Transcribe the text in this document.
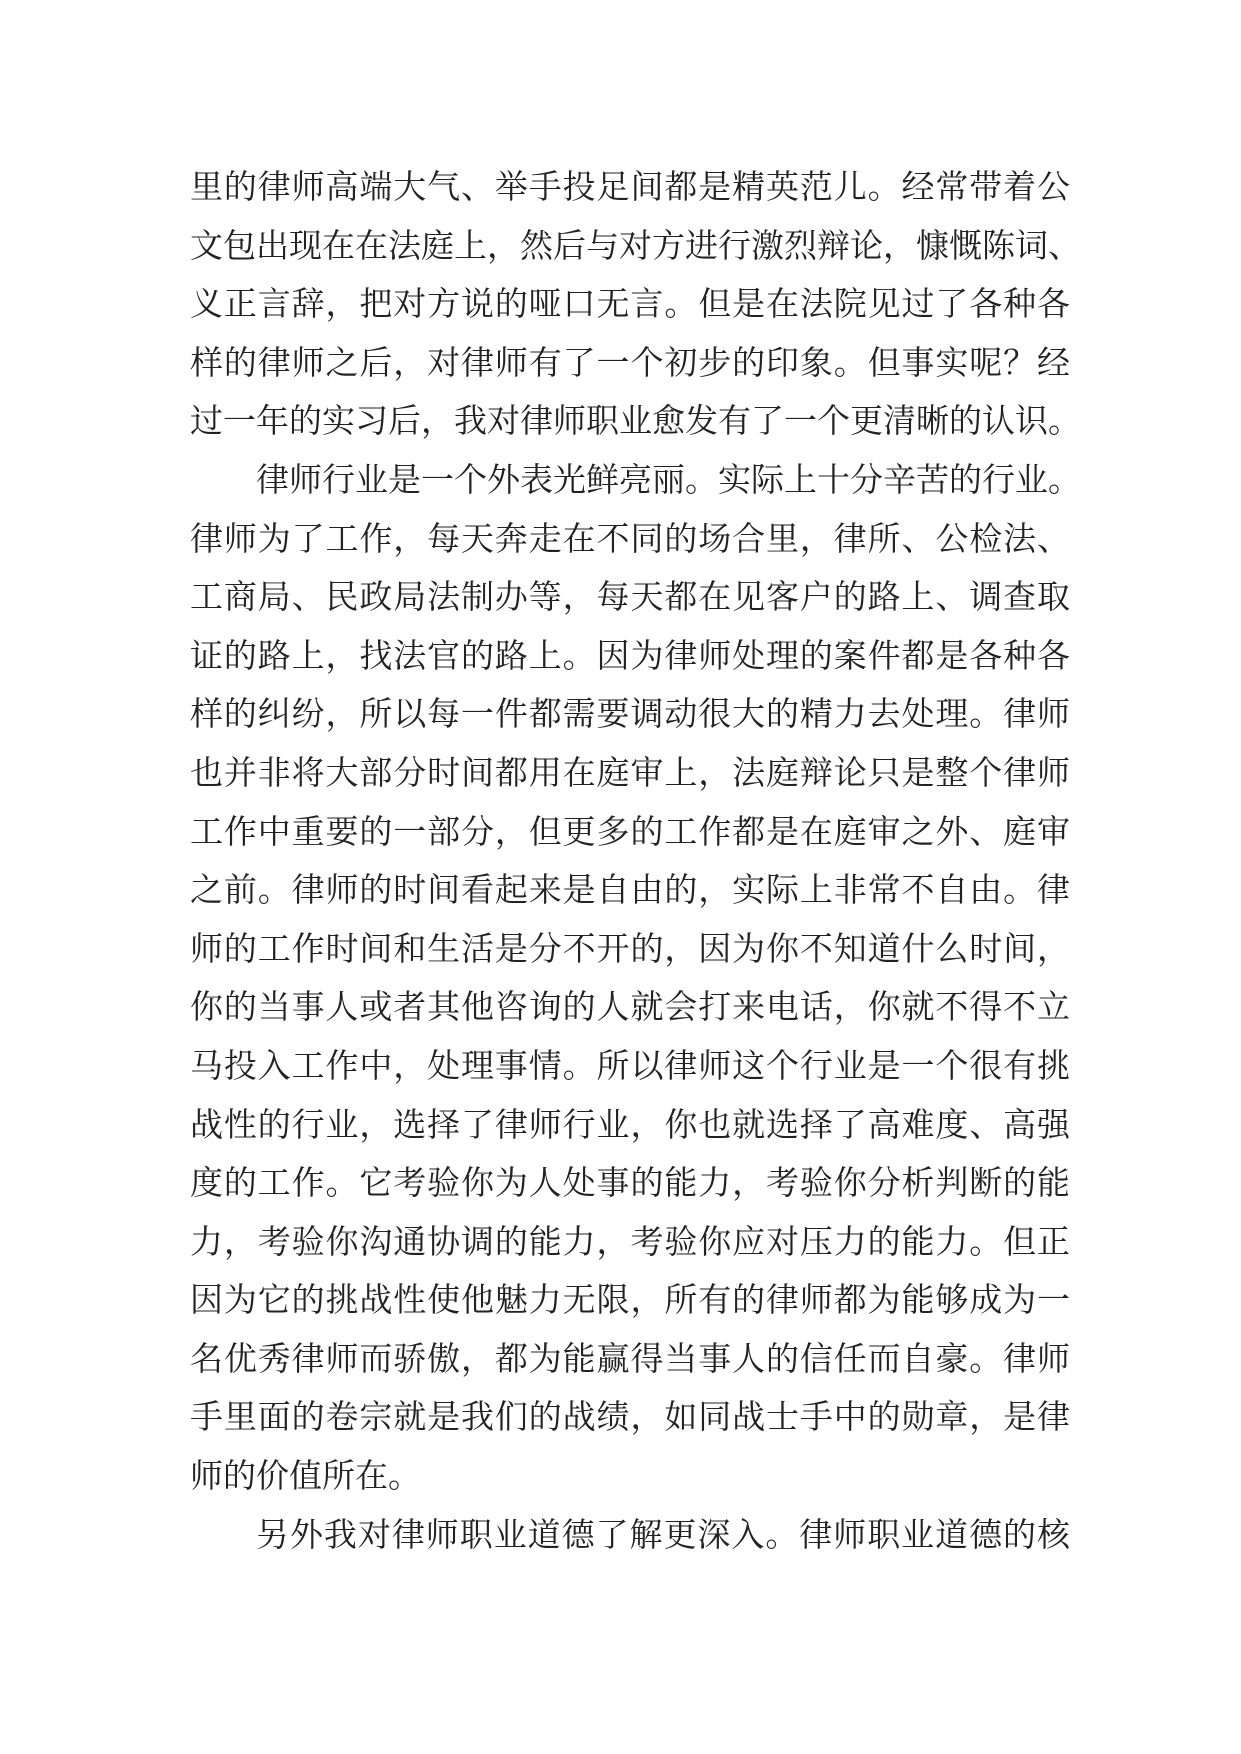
里的律师高端大气、举手投足间都是精英范儿。经常带着公
文包出现在在法庭上，然后与对方进行激烈辩论，慷慨陈词、
义正言辞，把对方说的哑口无言。但是在法院见过了各种各
样的律师之后，对律师有了一个初步的印象。但事实呢？经
过一年的实习后，我对律师职业愈发有了一个更清晰的认识。
律师行业是一个外表光鲜亮丽。实际上十分辛苦的行业。
律师为了工作，每天奔走在不同的场合里，律所、公检法、
工商局、民政局法制办等，每天都在见客户的路上、调查取
证的路上，找法官的路上。因为律师处理的案件都是各种各
样的纠纷，所以每一件都需要调动很大的精力去处理。律师
也并非将大部分时间都用在庭审上，法庭辩论只是整个律师
工作中重要的一部分，但更多的工作都是在庭审之外、庭审
之前。律师的时间看起来是自由的，实际上非常不自由。律
师的工作时间和生活是分不开的，因为你不知道什么时间，
你的当事人或者其他咨询的人就会打来电话，你就不得不立
马投入工作中，处理事情。所以律师这个行业是一个很有挑
战性的行业，选择了律师行业，你也就选择了高难度、高强
度的工作。它考验你为人处事的能力，考验你分析判断的能
力，考验你沟通协调的能力，考验你应对压力的能力。但正
因为它的挑战性使他魅力无限，所有的律师都为能够成为一
名优秀律师而骄傲，都为能赢得当事人的信任而自豪。律师
手里面的卷宗就是我们的战绩，如同战士手中的勋章，是律
师的价值所在。
另外我对律师职业道德了解更深入。律师职业道德的核
